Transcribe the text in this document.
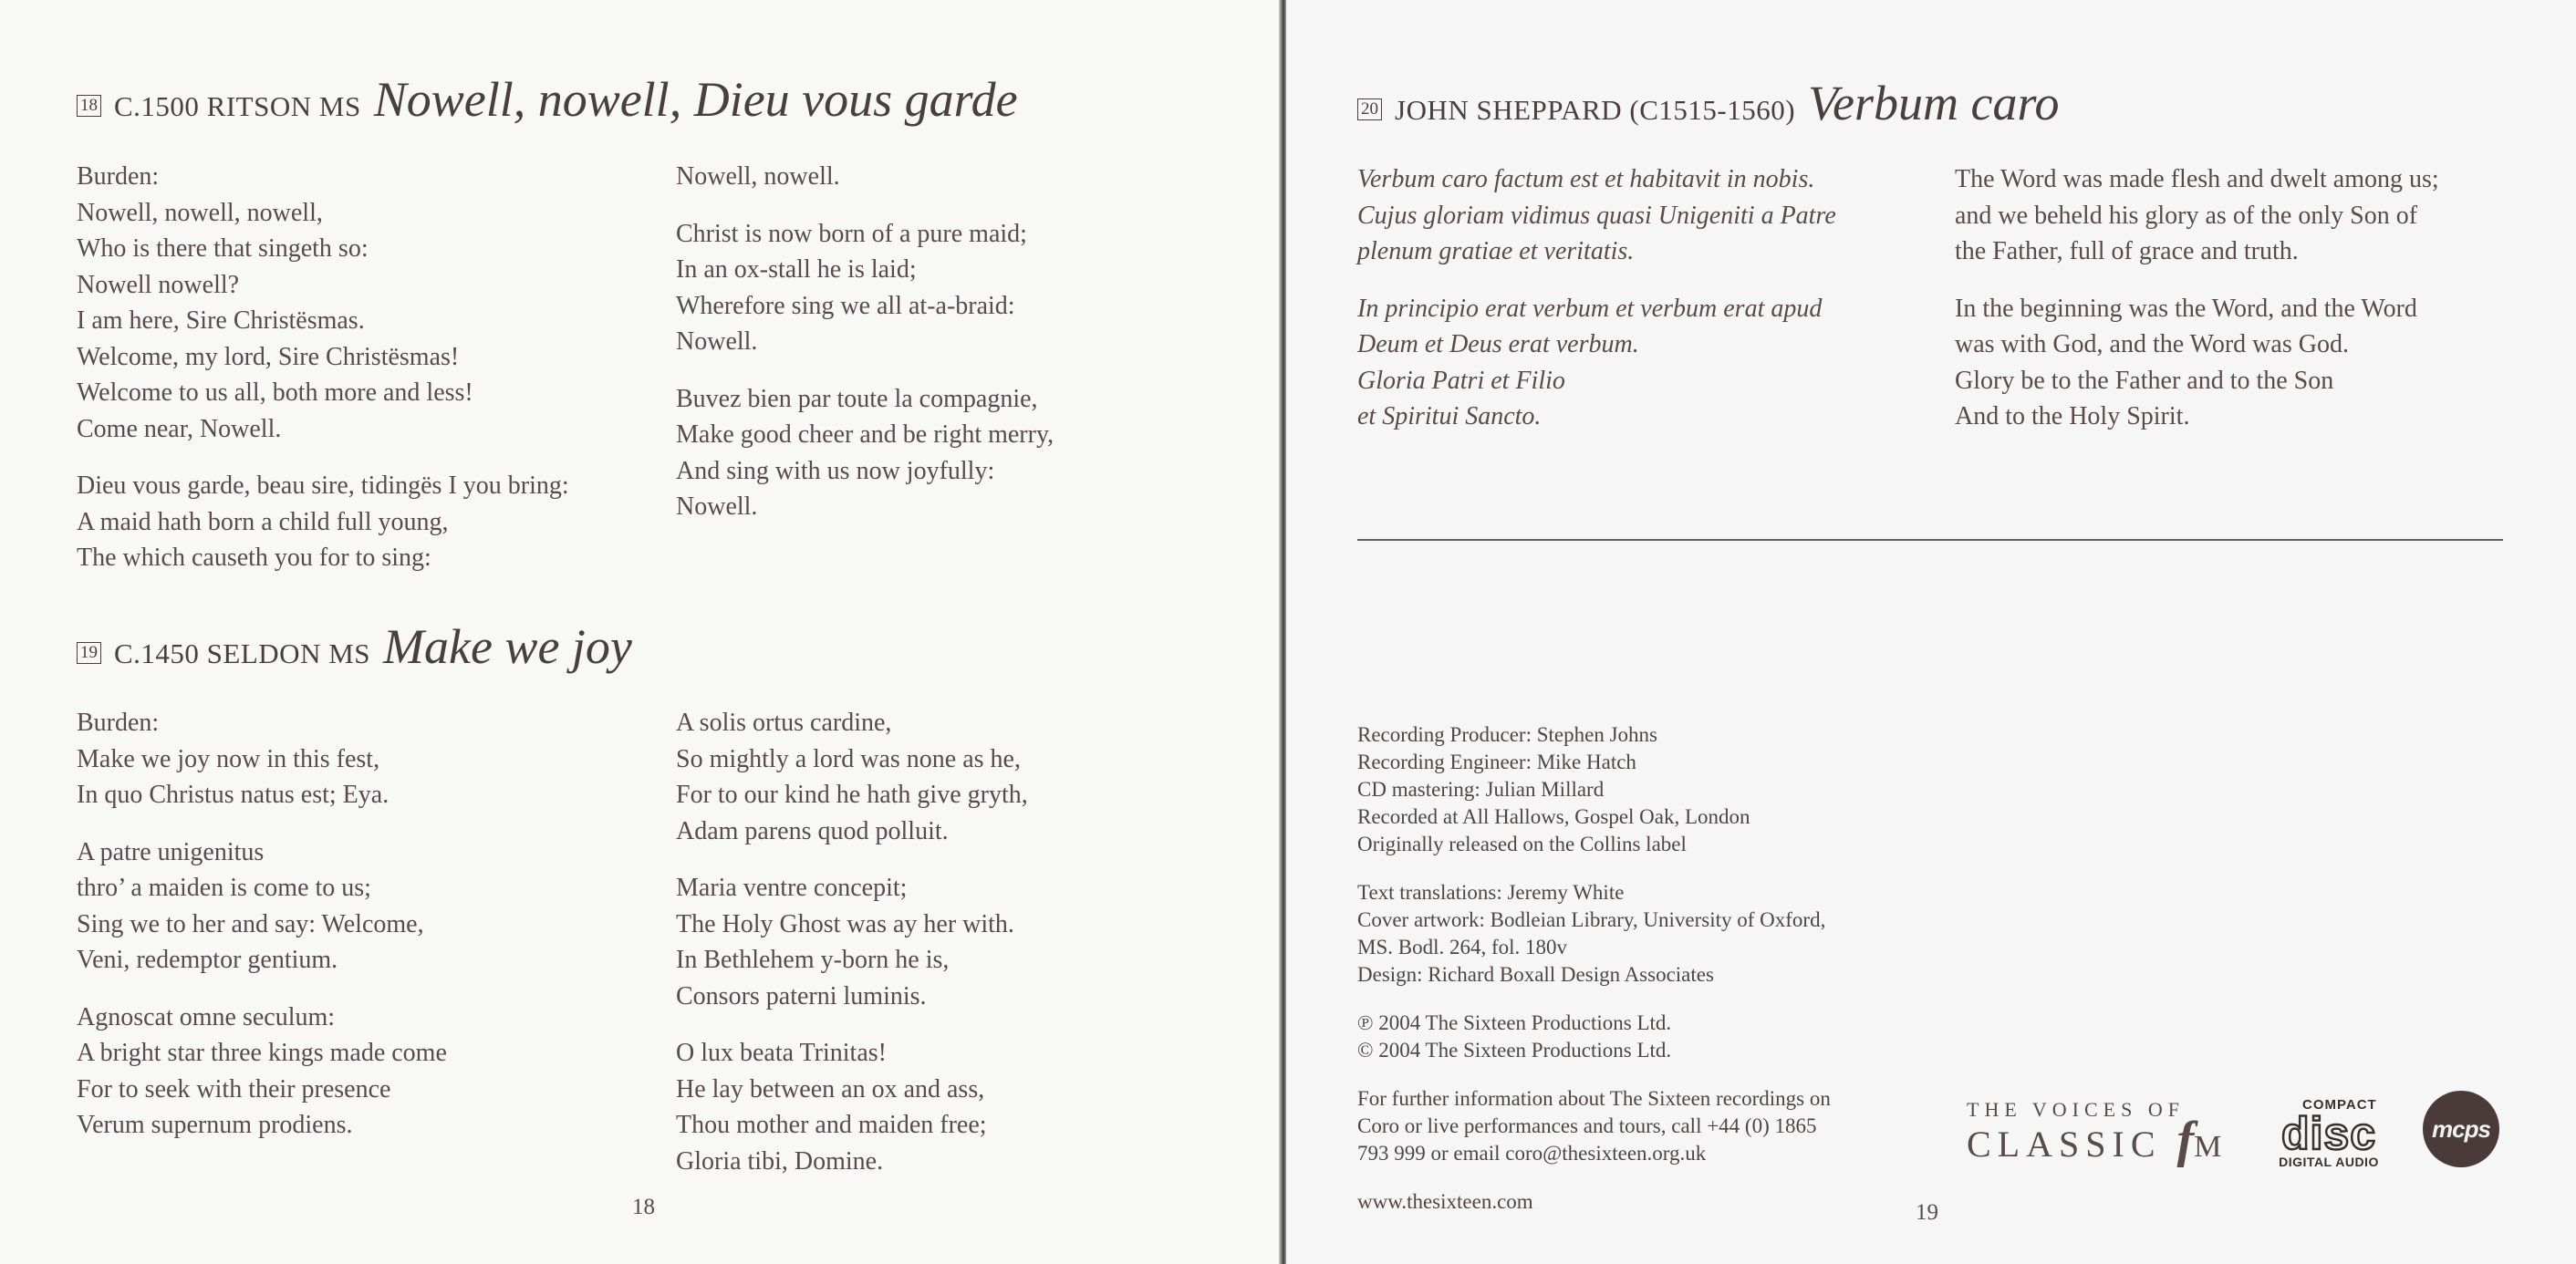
18 C.1500 RITSON MS Nowell, nowell, Dieu vous garde
Burden:
Nowell, nowell, nowell,
Who is there that singeth so:
Nowell nowell?
I am here, Sire Christësmas.
Welcome, my lord, Sire Christësmas!
Welcome to us all, both more and less!
Come near, Nowell.
Dieu vous garde, beau sire, tidingës I you bring:
A maid hath born a child full young,
The which causeth you for to sing:
Nowell, nowell.
Christ is now born of a pure maid;
In an ox-stall he is laid;
Wherefore sing we all at-a-braid:
Nowell.
Buvez bien par toute la compagnie,
Make good cheer and be right merry,
And sing with us now joyfully:
Nowell.
19 C.1450 SELDON MS Make we joy
Burden:
Make we joy now in this fest,
In quo Christus natus est; Eya.
A patre unigenitus
thro’ a maiden is come to us;
Sing we to her and say: Welcome,
Veni, redemptor gentium.
Agnoscat omne seculum:
A bright star three kings made come
For to seek with their presence
Verum supernum prodiens.
A solis ortus cardine,
So mightly a lord was none as he,
For to our kind he hath give gryth,
Adam parens quod polluit.
Maria ventre concepit;
The Holy Ghost was ay her with.
In Bethlehem y-born he is,
Consors paterni luminis.
O lux beata Trinitas!
He lay between an ox and ass,
Thou mother and maiden free;
Gloria tibi, Domine.
18
20 JOHN SHEPPARD (C1515-1560) Verbum caro
Verbum caro factum est et habitavit in nobis.
Cujus gloriam vidimus quasi Unigeniti a Patre
plenum gratiae et veritatis.
In principio erat verbum et verbum erat apud
Deum et Deus erat verbum.
Gloria Patri et Filio
et Spiritui Sancto.
The Word was made flesh and dwelt among us;
and we beheld his glory as of the only Son of
the Father, full of grace and truth.
In the beginning was the Word, and the Word
was with God, and the Word was God.
Glory be to the Father and to the Son
And to the Holy Spirit.
19
Recording Producer: Stephen Johns
Recording Engineer: Mike Hatch
CD mastering: Julian Millard
Recorded at All Hallows, Gospel Oak, London
Originally released on the Collins label
Text translations: Jeremy White
Cover artwork: Bodleian Library, University of Oxford,
MS. Bodl. 264, fol. 180v
Design: Richard Boxall Design Associates
℗ 2004 The Sixteen Productions Ltd.
© 2004 The Sixteen Productions Ltd.
For further information about The Sixteen recordings on
Coro or live performances and tours, call +44 (0) 1865
793 999 or email coro@thesixteen.org.uk
www.thesixteen.com
THE VOICES OF
CLASSIC fM
COMPACT
disc
DIGITAL AUDIO
mcps
